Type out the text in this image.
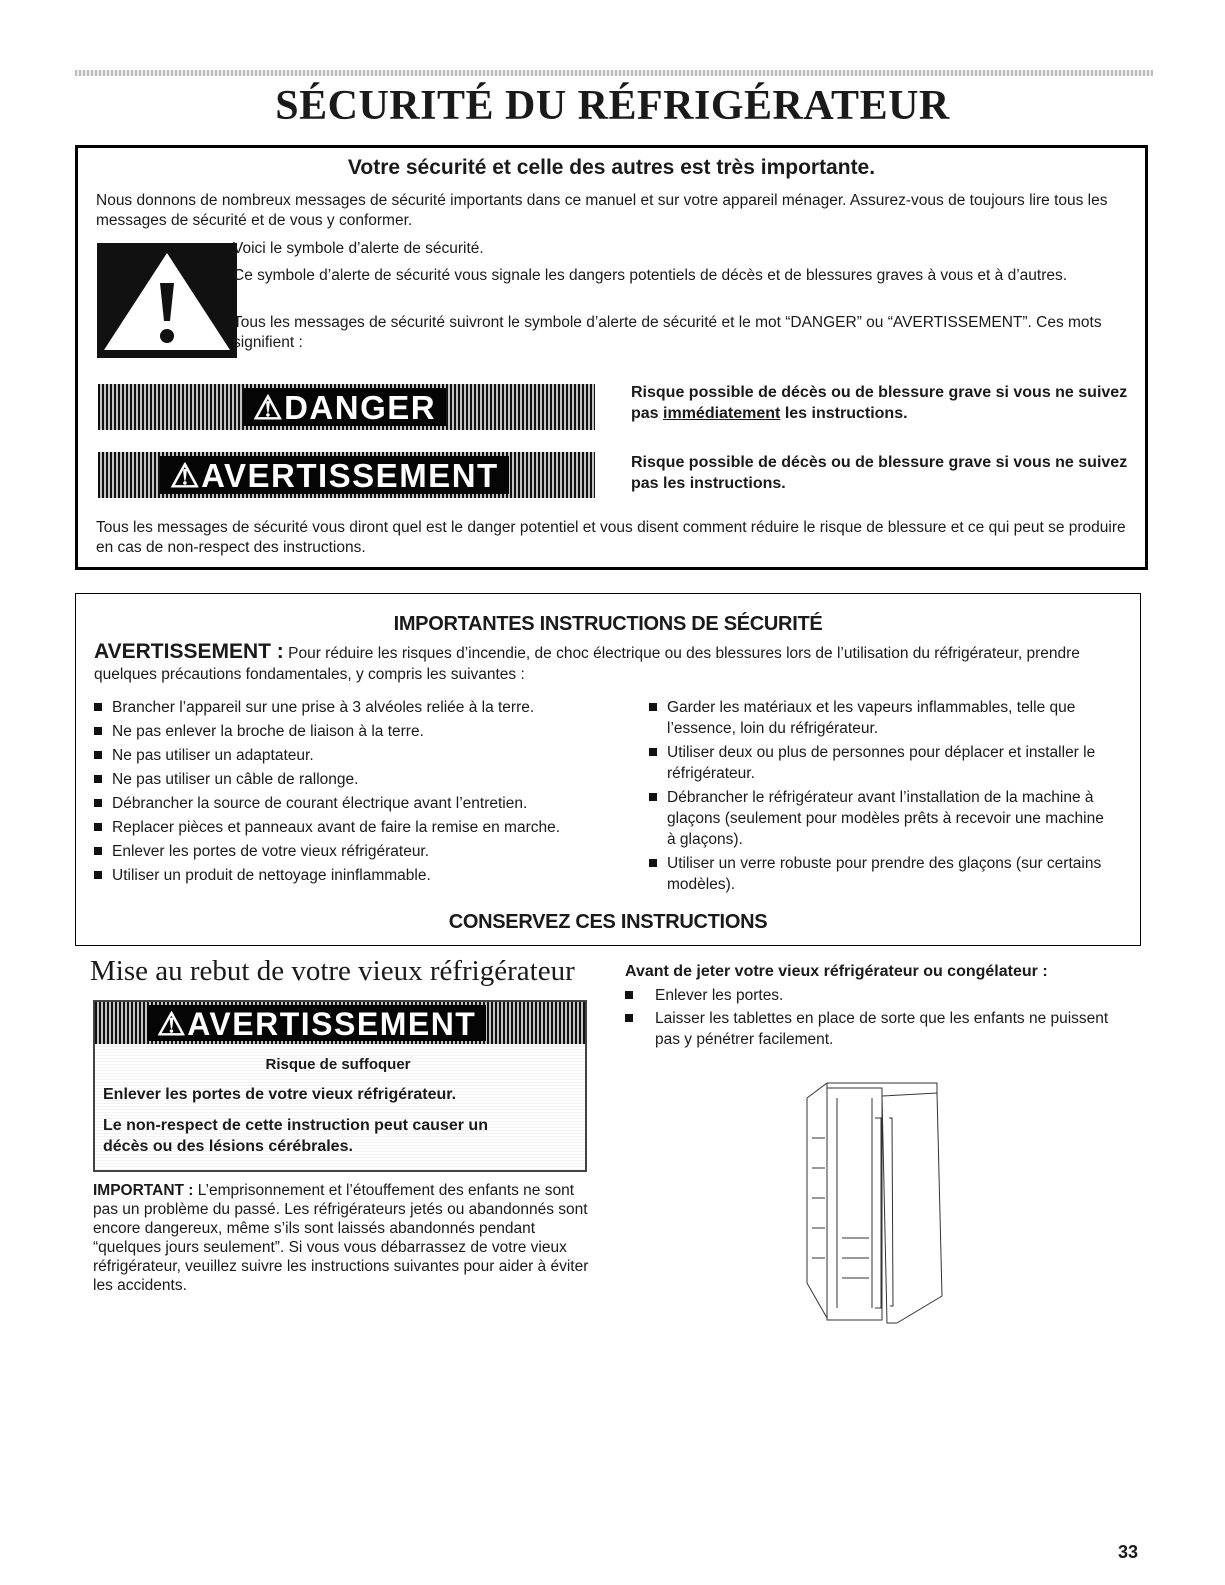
SÉCURITÉ DU RÉFRIGÉRATEUR
Votre sécurité et celle des autres est très importante.
Nous donnons de nombreux messages de sécurité importants dans ce manuel et sur votre appareil ménager. Assurez-vous de toujours lire tous les messages de sécurité et de vous y conformer.
Voici le symbole d’alerte de sécurité.
Ce symbole d’alerte de sécurité vous signale les dangers potentiels de décès et de blessures graves à vous et à d’autres.
Tous les messages de sécurité suivront le symbole d’alerte de sécurité et le mot “DANGER” ou “AVERTISSEMENT”. Ces mots signifient :
⚠DANGER	Risque possible de décès ou de blessure grave si vous ne suivez pas immédiatement les instructions.
⚠AVERTISSEMENT	Risque possible de décès ou de blessure grave si vous ne suivez pas les instructions.
Tous les messages de sécurité vous diront quel est le danger potentiel et vous disent comment réduire le risque de blessure et ce qui peut se produire en cas de non-respect des instructions.
IMPORTANTES INSTRUCTIONS DE SÉCURITÉ
AVERTISSEMENT : Pour réduire les risques d’incendie, de choc électrique ou des blessures lors de l’utilisation du réfrigérateur, prendre quelques précautions fondamentales, y compris les suivantes :
Brancher l’appareil sur une prise à 3 alvéoles reliée à la terre.
Ne pas enlever la broche de liaison à la terre.
Ne pas utiliser un adaptateur.
Ne pas utiliser un câble de rallonge.
Débrancher la source de courant électrique avant l’entretien.
Replacer pièces et panneaux avant de faire la remise en marche.
Enlever les portes de votre vieux réfrigérateur.
Utiliser un produit de nettoyage ininflammable.
Garder les matériaux et les vapeurs inflammables, telle que l’essence, loin du réfrigérateur.
Utiliser deux ou plus de personnes pour déplacer et installer le réfrigérateur.
Débrancher le réfrigérateur avant l’installation de la machine à glaçons (seulement pour modèles prêts à recevoir une machine à glaçons).
Utiliser un verre robuste pour prendre des glaçons (sur certains modèles).
CONSERVEZ CES INSTRUCTIONS
Mise au rebut de votre vieux réfrigérateur
⚠AVERTISSEMENT
Risque de suffoquer
Enlever les portes de votre vieux réfrigérateur.
Le non-respect de cette instruction peut causer un décès ou des lésions cérébrales.
IMPORTANT : L’emprisonnement et l’étouffement des enfants ne sont pas un problème du passé. Les réfrigérateurs jetés ou abandonnés sont encore dangereux, même s’ils sont laissés abandonnés pendant “quelques jours seulement”. Si vous vous débarrassez de votre vieux réfrigérateur, veuillez suivre les instructions suivantes pour aider à éviter les accidents.
Avant de jeter votre vieux réfrigérateur ou congélateur :
Enlever les portes.
Laisser les tablettes en place de sorte que les enfants ne puissent pas y pénétrer facilement.
33
